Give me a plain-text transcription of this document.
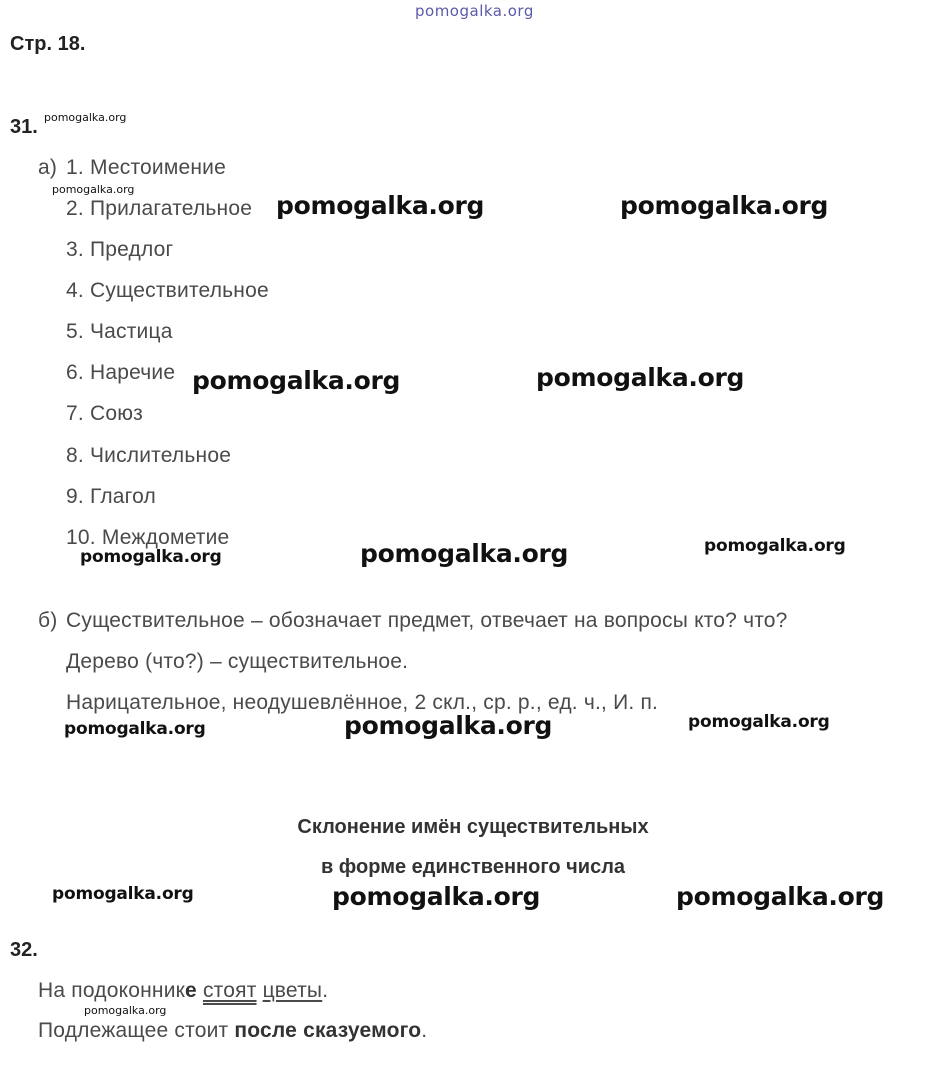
pomogalka.org
Стр. 18.
31. pomogalka.org
а) 1. Местоимение
pomogalka.org
2. Прилагательное pomogalka.org	pomogalka.org
3. Предлог
4. Существительное
5. Частица
6. Наречие pomogalka.org	pomogalka.org
7. Союз
8. Числительное
9. Глагол
10. Междометие
pomogalka.org	pomogalka.org	pomogalka.org
б) Существительное – обозначает предмет, отвечает на вопросы кто? что?
Дерево (что?) – существительное.
Нарицательное, неодушевлённое, 2 скл., ср. р., ед. ч., И. п.
pomogalka.org	pomogalka.org	pomogalka.org
Склонение имён существительных
в форме единственного числа
pomogalka.org	pomogalka.org	pomogalka.org
32.
На подоконнике стоят цветы.
pomogalka.org
Подлежащее стоит после сказуемого.
